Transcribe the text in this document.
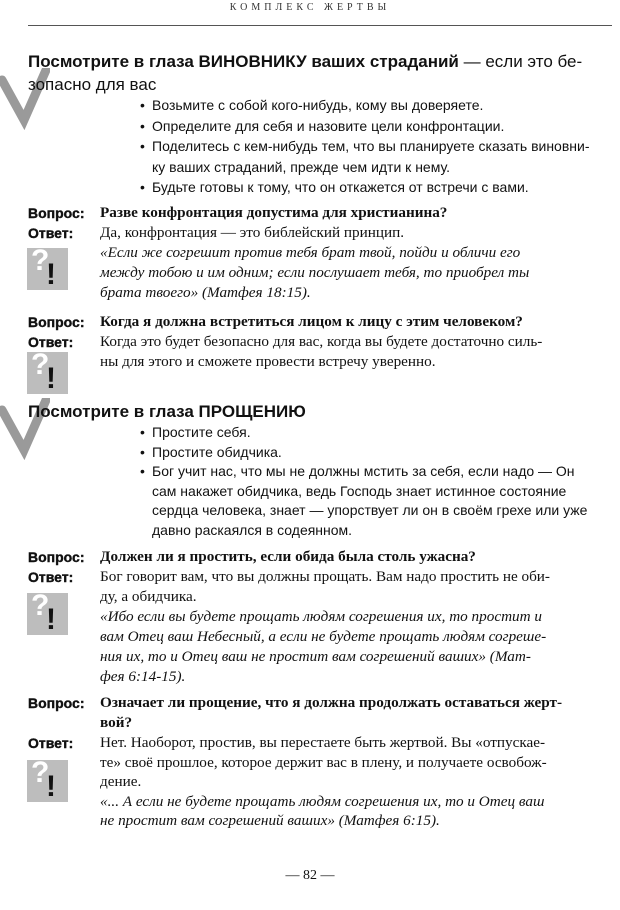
КОМПЛЕКС ЖЕРТВЫ
Посмотрите в глаза ВИНОВНИКУ ваших страданий — если это бе-
зопасно для вас
• Возьмите с собой кого-нибудь, кому вы доверяете.
• Определите для себя и назовите цели конфронтации.
• Поделитесь с кем-нибудь тем, что вы планируете сказать виновни-
ку ваших страданий, прежде чем идти к нему.
• Будьте готовы к тому, что он откажется от встречи с вами.
Вопрос: Разве конфронтация допустима для христианина?
Ответ: Да, конфронтация — это библейский принцип.
«Если же согрешит против тебя брат твой, пойди и обличи его
между тобою и им одним; если послушает тебя, то приобрел ты
брата твоего» (Матфея 18:15).
?
!
Вопрос: Когда я должна встретиться лицом к лицу с этим человеком?
Ответ: Когда это будет безопасно для вас, когда вы будете достаточно силь-
ны для этого и сможете провести встречу уверенно.
?
!
Посмотрите в глаза ПРОЩЕНИЮ
• Простите себя.
• Простите обидчика.
• Бог учит нас, что мы не должны мстить за себя, если надо — Он
сам накажет обидчика, ведь Господь знает истинное состояние
сердца человека, знает — упорствует ли он в своём грехе или уже
давно раскаялся в содеянном.
Вопрос: Должен ли я простить, если обида была столь ужасна?
Ответ: Бог говорит вам, что вы должны прощать. Вам надо простить не оби-
ду, а обидчика.
«Ибо если вы будете прощать людям согрешения их, то простит и
вам Отец ваш Небесный, а если не будете прощать людям согреше-
ния их, то и Отец ваш не простит вам согрешений ваших» (Мат-
фея 6:14-15).
?
!
Вопрос: Означает ли прощение, что я должна продолжать оставаться жерт-
вой?
Ответ: Нет. Наоборот, простив, вы перестаете быть жертвой. Вы «отпускае-
те» своё прошлое, которое держит вас в плену, и получаете освобож-
дение.
«... А если не будете прощать людям согрешения их, то и Отец ваш
не простит вам согрешений ваших» (Матфея 6:15).
?
!
— 82 —
